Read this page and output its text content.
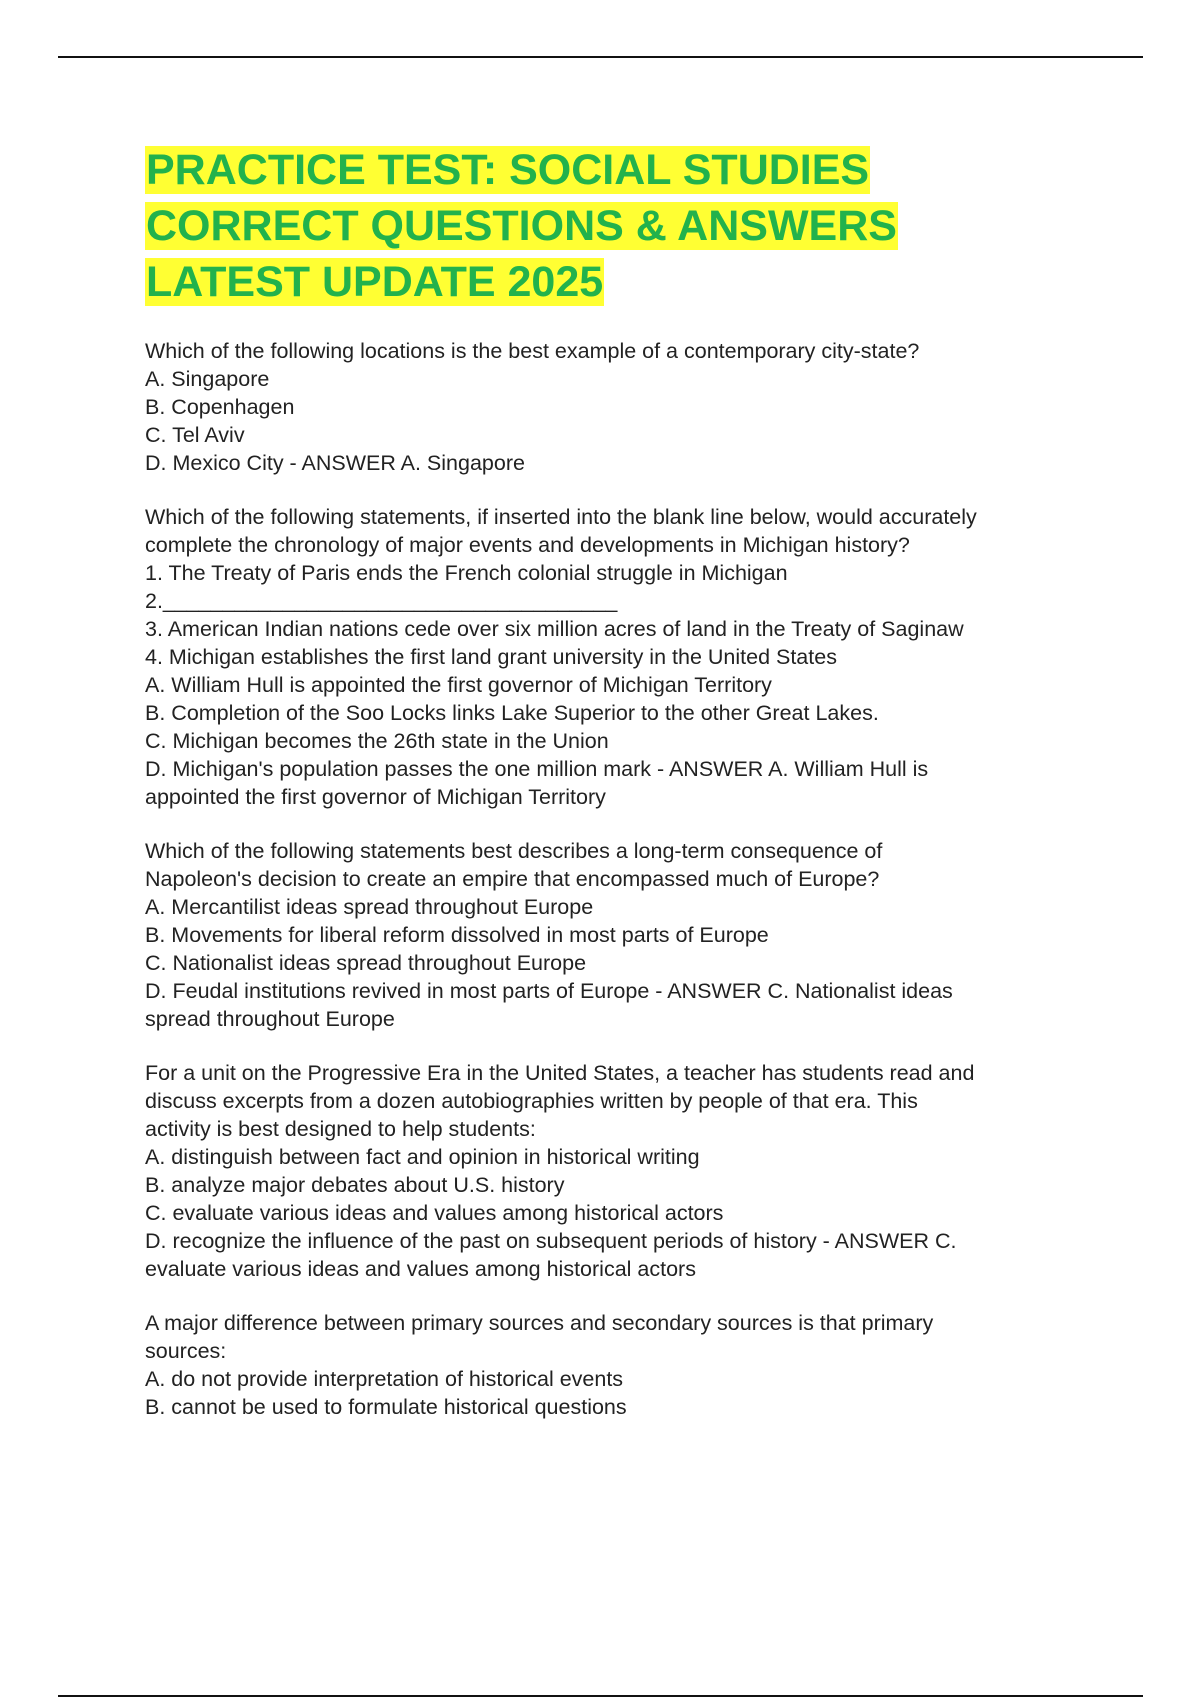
PRACTICE TEST: SOCIAL STUDIES
CORRECT QUESTIONS & ANSWERS
LATEST UPDATE 2025
Which of the following locations is the best example of a contemporary city-state?
A. Singapore
B. Copenhagen
C. Tel Aviv
D. Mexico City - ANSWER A. Singapore
Which of the following statements, if inserted into the blank line below, would accurately
complete the chronology of major events and developments in Michigan history?
1. The Treaty of Paris ends the French colonial struggle in Michigan
2.______________________________________
3. American Indian nations cede over six million acres of land in the Treaty of Saginaw
4. Michigan establishes the first land grant university in the United States
A. William Hull is appointed the first governor of Michigan Territory
B. Completion of the Soo Locks links Lake Superior to the other Great Lakes.
C. Michigan becomes the 26th state in the Union
D. Michigan's population passes the one million mark - ANSWER A. William Hull is
appointed the first governor of Michigan Territory
Which of the following statements best describes a long-term consequence of
Napoleon's decision to create an empire that encompassed much of Europe?
A. Mercantilist ideas spread throughout Europe
B. Movements for liberal reform dissolved in most parts of Europe
C. Nationalist ideas spread throughout Europe
D. Feudal institutions revived in most parts of Europe - ANSWER C. Nationalist ideas
spread throughout Europe
For a unit on the Progressive Era in the United States, a teacher has students read and
discuss excerpts from a dozen autobiographies written by people of that era. This
activity is best designed to help students:
A. distinguish between fact and opinion in historical writing
B. analyze major debates about U.S. history
C. evaluate various ideas and values among historical actors
D. recognize the influence of the past on subsequent periods of history - ANSWER C.
evaluate various ideas and values among historical actors
A major difference between primary sources and secondary sources is that primary
sources:
A. do not provide interpretation of historical events
B. cannot be used to formulate historical questions
